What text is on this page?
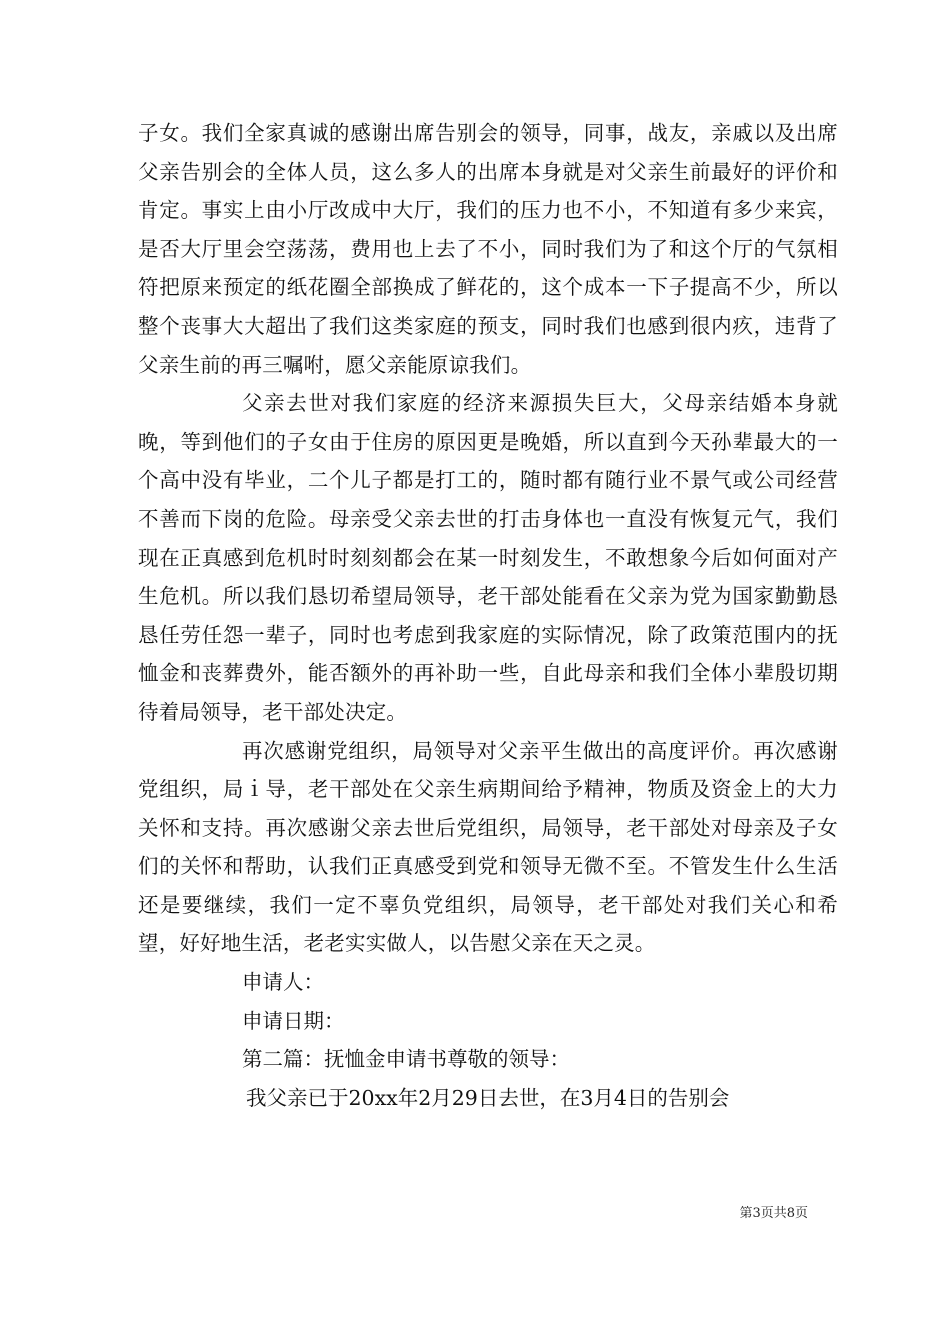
子女。我们全家真诚的感谢出席告别会的领导，同事，战友，亲戚以及出席父亲告别会的全体人员，这么多人的出席本身就是对父亲生前最好的评价和肯定。事实上由小厅改成中大厅，我们的压力也不小，不知道有多少来宾，是否大厅里会空荡荡，费用也上去了不小，同时我们为了和这个厅的气氛相符把原来预定的纸花圈全部换成了鲜花的，这个成本一下子提高不少，所以整个丧事大大超出了我们这类家庭的预支，同时我们也感到很内疚，违背了父亲生前的再三嘱咐，愿父亲能原谅我们。

父亲去世对我们家庭的经济来源损失巨大，父母亲结婚本身就晚，等到他们的子女由于住房的原因更是晚婚，所以直到今天孙辈最大的一个高中没有毕业，二个儿子都是打工的，随时都有随行业不景气或公司经营不善而下岗的危险。母亲受父亲去世的打击身体也一直没有恢复元气，我们现在正真感到危机时时刻刻都会在某一时刻发生，不敢想象今后如何面对产生危机。所以我们恳切希望局领导，老干部处能看在父亲为党为国家勤勤恳恳任劳任怨一辈子，同时也考虑到我家庭的实际情况，除了政策范围内的抚恤金和丧葬费外，能否额外的再补助一些，自此母亲和我们全体小辈殷切期待着局领导，老干部处决定。

再次感谢党组织，局领导对父亲平生做出的高度评价。再次感谢党组织，局ｉ导，老干部处在父亲生病期间给予精神，物质及资金上的大力关怀和支持。再次感谢父亲去世后党组织，局领导，老干部处对母亲及子女们的关怀和帮助，认我们正真感受到党和领导无微不至。不管发生什么生活还是要继续，我们一定不辜负党组织，局领导，老干部处对我们关心和希望，好好地生活，老老实实做人，以告慰父亲在天之灵。

申请人：

申请日期：

第二篇：抚恤金申请书尊敬的领导：

我父亲已于20xx年2月29日去世，在3月4日的告别会

第3页共8页
